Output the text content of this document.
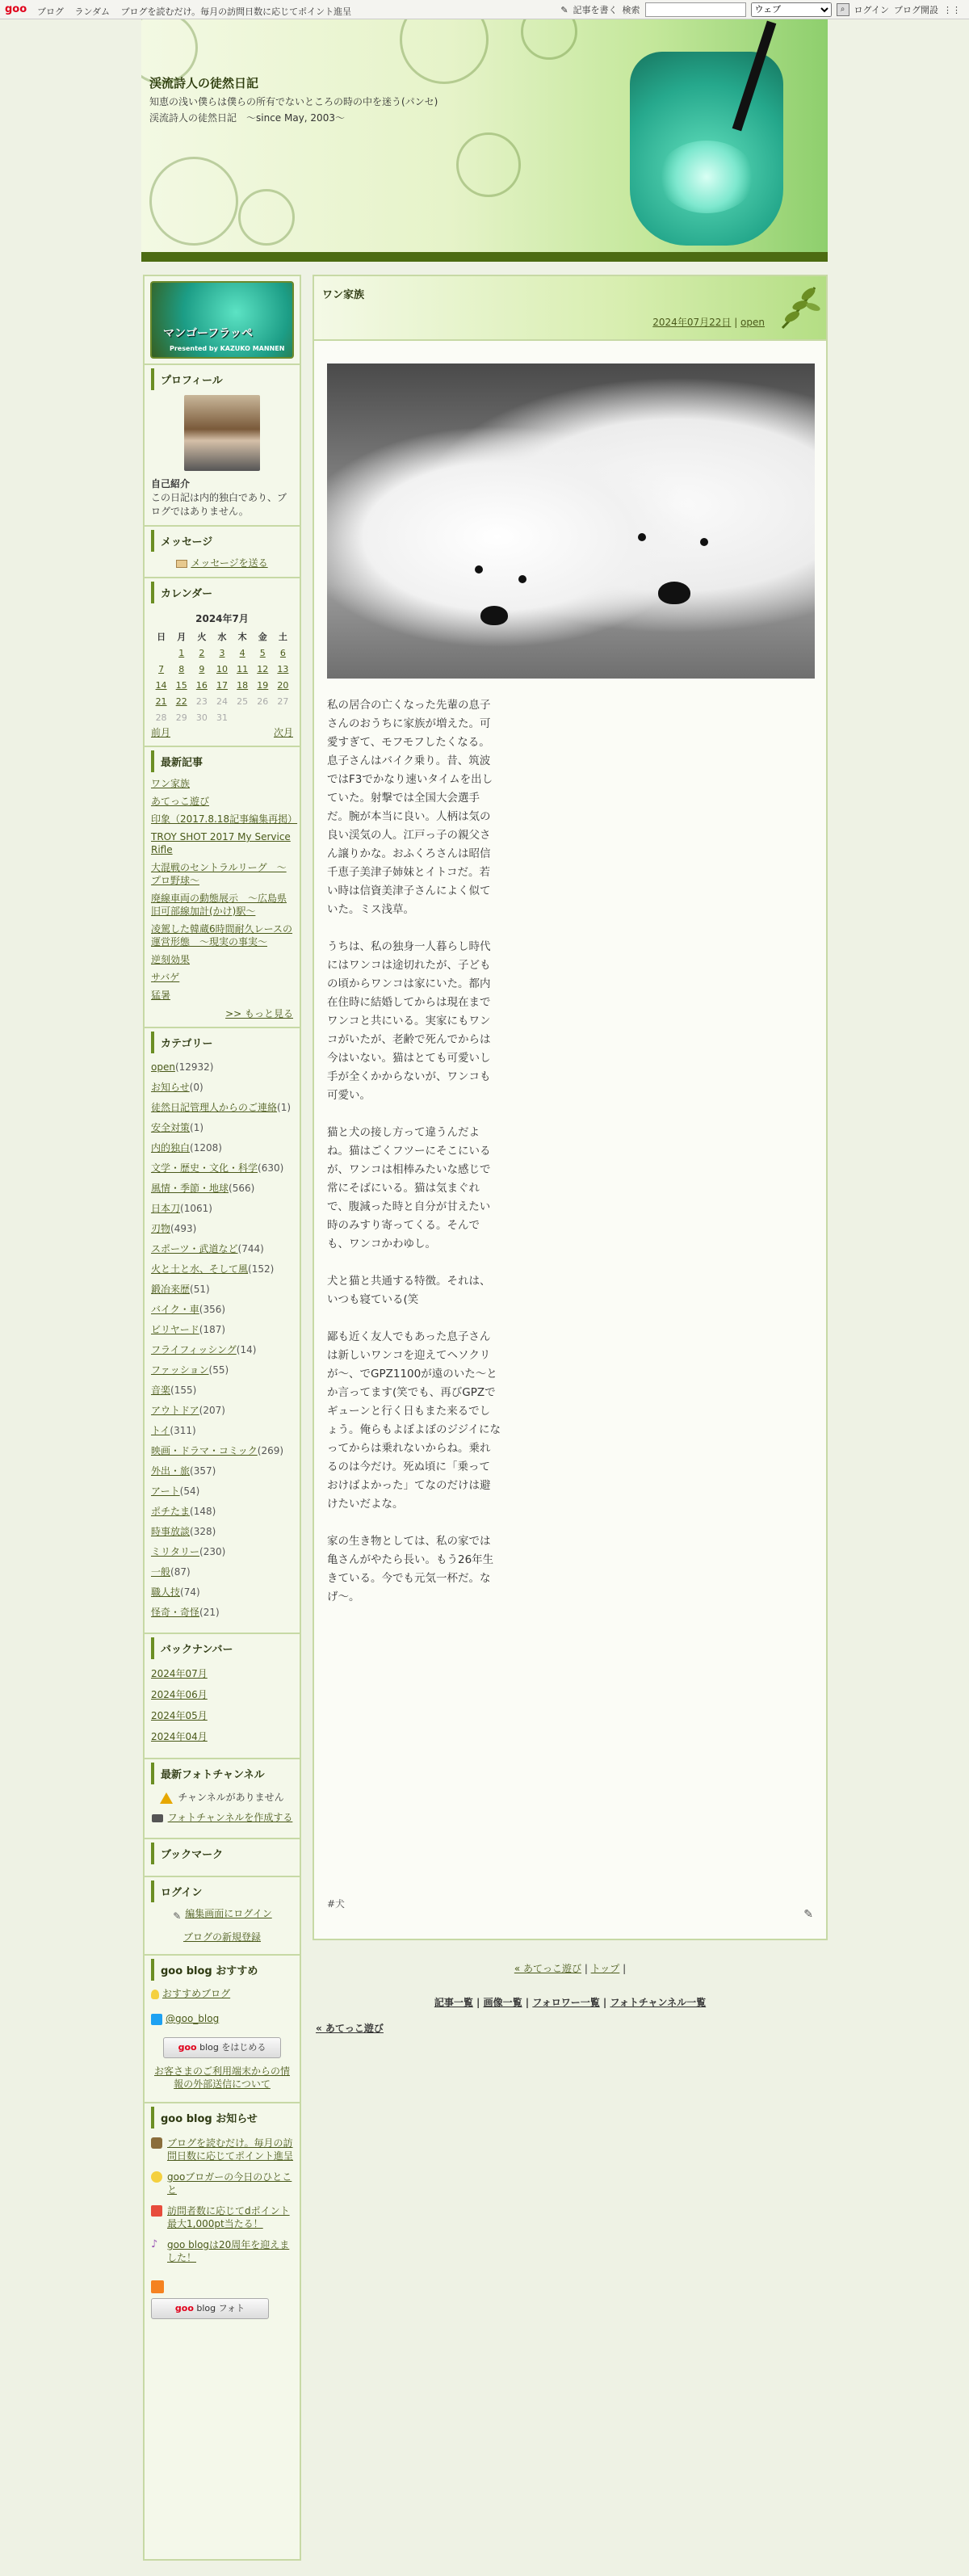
goo ブログ ランダム ブログを読むだけ。毎月の訪問日数に応じてポイント進呈	✎ 記事を書く 検索
ウェブ	⌕	ログイン ブログ開設 ⋮⋮
渓流詩人の徒然日記
知恵の浅い僕らは僕らの所有でないところの時の中を迷う(パンセ)　渓流詩人の徒然日記　～since May, 2003～
マンゴーフラッペ
Presented by KAZUKO MANNEN
プロフィール
自己紹介
この日記は内的独白であり、ブログではありません。
メッセージ
メッセージを送る
カレンダー
2024年7月
日	月	火	水	木	金	土
	1	2	3	4	5	6
7	8	9	10	11	12	13
14	15	16	17	18	19	20
21	22	23	24	25	26	27
28	29	30	31			
前月	次月
最新記事
ワン家族
あてっこ遊び
印象（2017.8.18記事編集再掲）
TROY SHOT 2017 My Service Rifle
大混戦のセントラルリーグ　～プロ野球～
廃線車両の動態展示　～広島県旧可部線加計(かけ)駅～
凌駕した韓蔵6時間耐久レースの運営形態　～現実の事実～
逆刻効果
サバゲ
猛暑
>> もっと見る
カテゴリー
open(12932)
お知らせ(0)
徒然日記管理人からのご連絡(1)
安全対策(1)
内的独白(1208)
文学・歴史・文化・科学(630)
風情・季節・地球(566)
日本刀(1061)
刃物(493)
スポーツ・武道など(744)
火と土と水、そして風(152)
鍛冶来歴(51)
バイク・車(356)
ビリヤード(187)
フライフィッシング(14)
ファッション(55)
音楽(155)
アウトドア(207)
トイ(311)
映画・ドラマ・コミック(269)
外出・旅(357)
アート(54)
ポチたま(148)
時事放談(328)
ミリタリー(230)
一般(87)
職人技(74)
怪奇・奇怪(21)
バックナンバー
2024年07月
2024年06月
2024年05月
2024年04月
最新フォトチャンネル
チャンネルがありません
フォトチャンネルを作成する
ブックマーク
ログイン
✎ 編集画面にログイン
ブログの新規登録
goo blog おすすめ
おすすめブログ
@goo_blog
goo blog をはじめる
お客さまのご利用端末からの情報の外部送信について
goo blog お知らせ
ブログを読むだけ。毎月の訪問日数に応じてポイント進呈
gooブロガーの今日のひとこと
訪問者数に応じてdポイント最大1,000pt当たる！
♪ goo blogは20周年を迎えました！
goo blog フォト
ワン家族
2024年07月22日 | open

私の居合の亡くなった先輩の息子さんのおうちに家族が増えた。可愛すぎて、モフモフしたくなる。息子さんはバイク乗り。昔、筑波ではF3でかなり速いタイムを出していた。射撃では全国大会選手だ。腕が本当に良い。人柄は気の良い渓気の人。江戸っ子の親父さん譲りかな。おふくろさんは昭信千恵子美津子姉妹とイトコだ。若い時は信資美津子さんによく似ていた。ミス浅草。

うちは、私の独身一人暮らし時代にはワンコは途切れたが、子どもの頃からワンコは家にいた。都内在住時に結婚してからは現在までワンコと共にいる。実家にもワンコがいたが、老齢で死んでからは今はいない。猫はとても可愛いし手が全くかからないが、ワンコも可愛い。

猫と犬の接し方って違うんだよね。猫はごくフツーにそこにいるが、ワンコは相棒みたいな感じで常にそばにいる。猫は気まぐれで、腹減った時と自分が甘えたい時のみすり寄ってくる。そんでも、ワンコかわゆし。

犬と猫と共通する特徴。それは、いつも寝ている(笑

鄙も近く友人でもあった息子さんは新しいワンコを迎えてヘソクリが～、でGPZ1100が遠のいた～とか言ってます(笑でも、再びGPZでギューンと行く日もまた来るでしょう。俺らもよぼよぼのジジイになってからは乗れないからね。乗れるのは今だけ。死ぬ頃に「乗っておけばよかった」てなのだけは避けたいだよな。

家の生き物としては、私の家では亀さんがやたら長い。もう26年生きている。今でも元気一杯だ。なげ～。

#犬
✎
« あてっこ遊び | トップ |
記事一覧 | 画像一覧 | フォロワー一覧 | フォトチャンネル一覧
« あてっこ遊び
